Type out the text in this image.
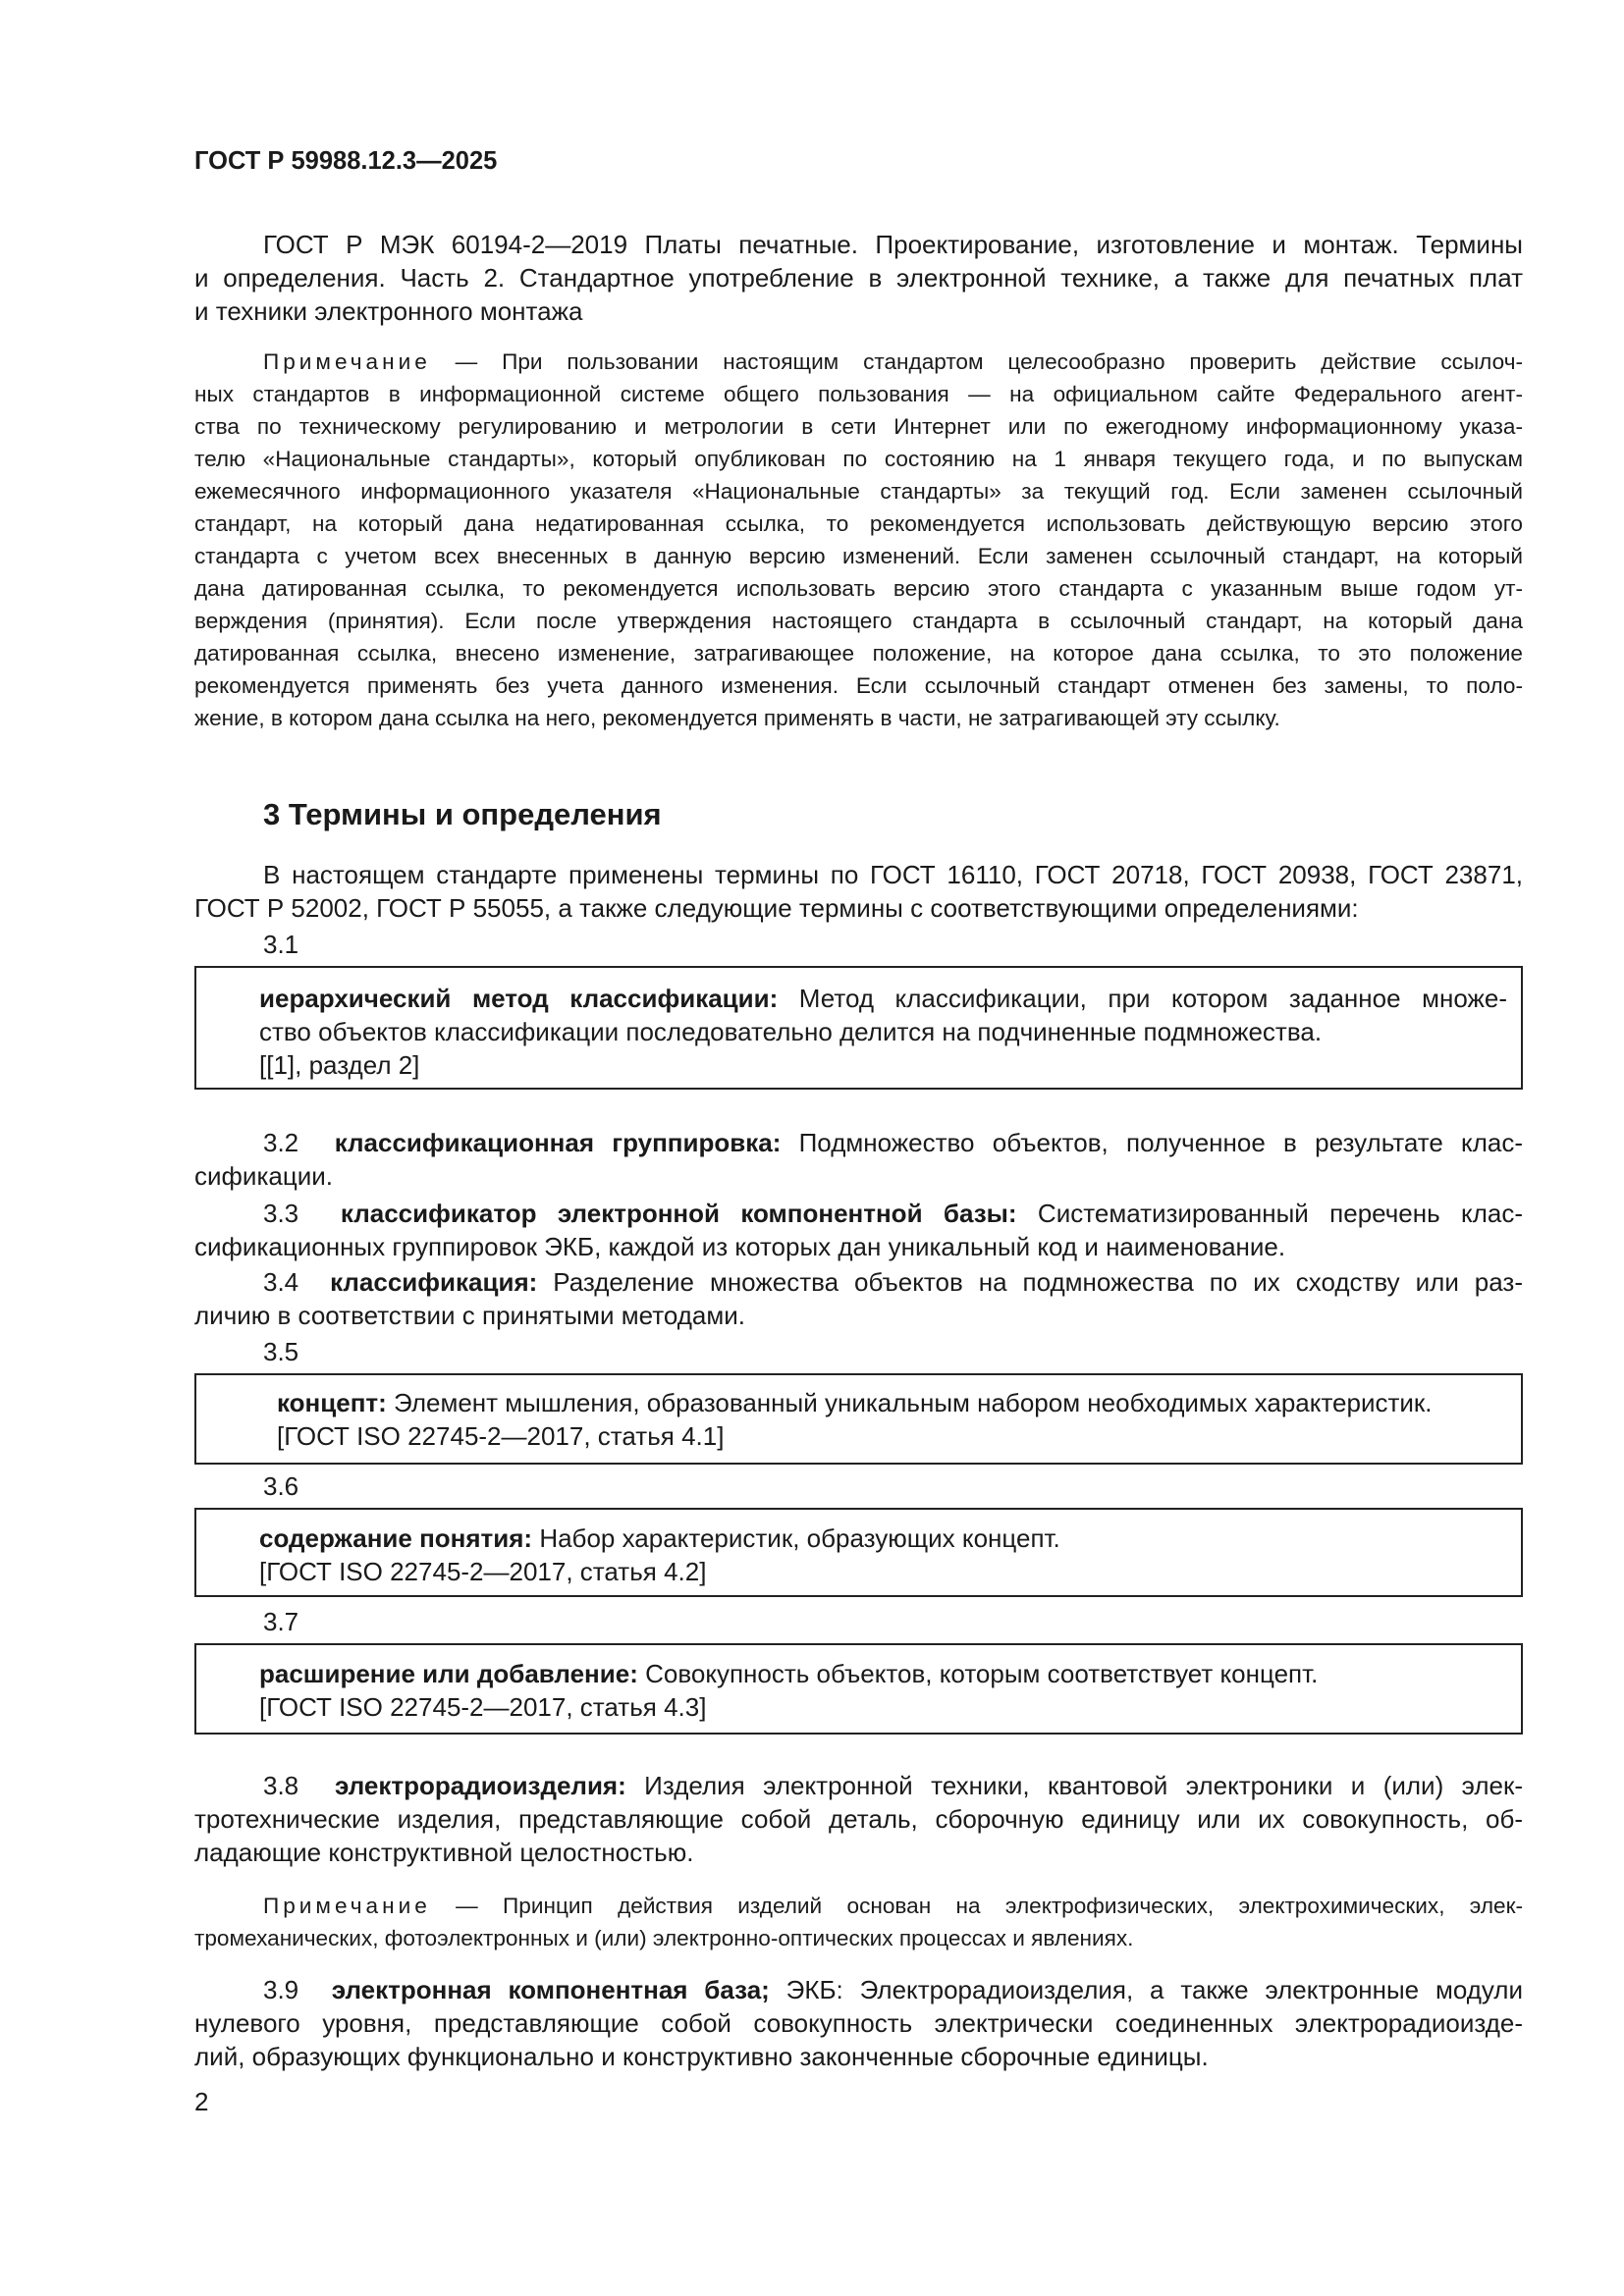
ГОСТ Р 59988.12.3—2025
ГОСТ Р МЭК 60194-2—2019 Платы печатные. Проектирование, изготовление и монтаж. Термины
и определения. Часть 2. Стандартное употребление в электронной технике, а также для печатных плат
и техники электронного монтажа
Примечание — При пользовании настоящим стандартом целесообразно проверить действие ссылоч-
ных стандартов в информационной системе общего пользования — на официальном сайте Федерального агент-
ства по техническому регулированию и метрологии в сети Интернет или по ежегодному информационному указа-
телю «Национальные стандарты», который опубликован по состоянию на 1 января текущего года, и по выпускам
ежемесячного информационного указателя «Национальные стандарты» за текущий год. Если заменен ссылочный
стандарт, на который дана недатированная ссылка, то рекомендуется использовать действующую версию этого
стандарта с учетом всех внесенных в данную версию изменений. Если заменен ссылочный стандарт, на который
дана датированная ссылка, то рекомендуется использовать версию этого стандарта с указанным выше годом ут-
верждения (принятия). Если после утверждения настоящего стандарта в ссылочный стандарт, на который дана
датированная ссылка, внесено изменение, затрагивающее положение, на которое дана ссылка, то это положение
рекомендуется применять без учета данного изменения. Если ссылочный стандарт отменен без замены, то поло-
жение, в котором дана ссылка на него, рекомендуется применять в части, не затрагивающей эту ссылку.
3 Термины и определения
В настоящем стандарте применены термины по ГОСТ 16110, ГОСТ 20718, ГОСТ 20938, ГОСТ 23871,
ГОСТ Р 52002, ГОСТ Р 55055, а также следующие термины с соответствующими определениями:
3.1
иерархический метод классификации: Метод классификации, при котором заданное множе-
ство объектов классификации последовательно делится на подчиненные подмножества.
[[1], раздел 2]
3.2 классификационная группировка: Подмножество объектов, полученное в результате клас-
сификации.
3.3 классификатор электронной компонентной базы: Систематизированный перечень клас-
сификационных группировок ЭКБ, каждой из которых дан уникальный код и наименование.
3.4 классификация: Разделение множества объектов на подмножества по их сходству или раз-
личию в соответствии с принятыми методами.
3.5
концепт: Элемент мышления, образованный уникальным набором необходимых характеристик.
[ГОСТ ISO 22745-2—2017, статья 4.1]
3.6
содержание понятия: Набор характеристик, образующих концепт.
[ГОСТ ISO 22745-2—2017, статья 4.2]
3.7
расширение или добавление: Совокупность объектов, которым соответствует концепт.
[ГОСТ ISO 22745-2—2017, статья 4.3]
3.8 электрорадиоизделия: Изделия электронной техники, квантовой электроники и (или) элек-
тротехнические изделия, представляющие собой деталь, сборочную единицу или их совокупность, об-
ладающие конструктивной целостностью.
Примечание — Принцип действия изделий основан на электрофизических, электрохимических, элек-
тромеханических, фотоэлектронных и (или) электронно-оптических процессах и явлениях.
3.9 электронная компонентная база; ЭКБ: Электрорадиоизделия, а также электронные модули
нулевого уровня, представляющие собой совокупность электрически соединенных электрорадиоизде-
лий, образующих функционально и конструктивно законченные сборочные единицы.
2
